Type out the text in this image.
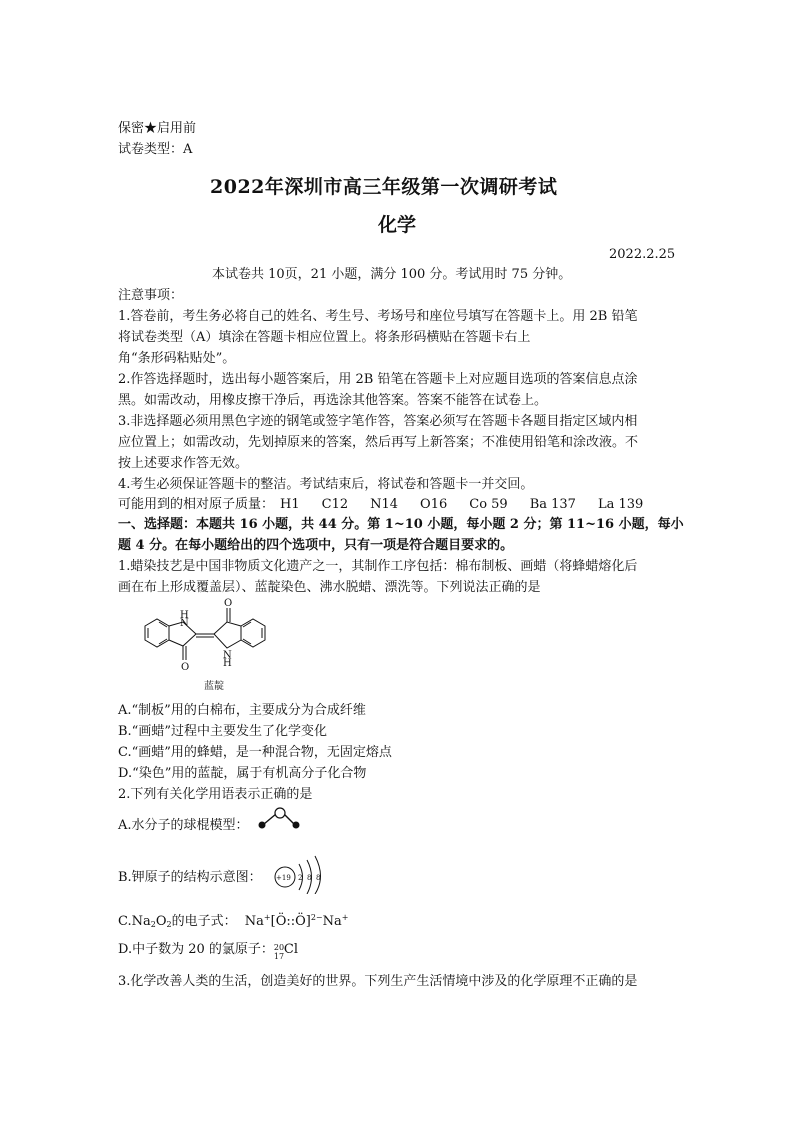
保密★启用前
试卷类型：A
2022年深圳市高三年级第一次调研考试
化学
2022.2.25
本试卷共 10页，21 小题，满分 100 分。考试用时 75 分钟。
注意事项：
1.答卷前，考生务必将自己的姓名、考生号、考场号和座位号填写在答题卡上。用 2B 铅笔
将试卷类型（A）填涂在答题卡相应位置上。将条形码横贴在答题卡右上
角“条形码粘贴处”。
2.作答选择题时，选出每小题答案后，用 2B 铅笔在答题卡上对应题目选项的答案信息点涂
黑。如需改动，用橡皮擦干净后，再选涂其他答案。答案不能答在试卷上。
3.非选择题必须用黑色字迹的钢笔或签字笔作答，答案必须写在答题卡各题目指定区域内相
应位置上；如需改动，先划掉原来的答案，然后再写上新答案；不准使用铅笔和涂改液。不
按上述要求作答无效。
4.考生必须保证答题卡的整洁。考试结束后，将试卷和答题卡一并交回。
可能用到的相对原子质量： H1 C12 N14 O16 Co 59 Ba 137 La 139
一、选择题：本题共 16 小题，共 44 分。第 1~10 小题，每小题 2 分；第 11~16 小题，每小
题 4 分。在每小题给出的四个选项中，只有一项是符合题目要求的。
1.蜡染技艺是中国非物质文化遗产之一，其制作工序包括：棉布制板、画蜡（将蜂蜡熔化后
画在布上形成覆盖层）、蓝靛染色、沸水脱蜡、漂洗等。下列说法正确的是
H
N
O
O
N
H
蓝靛
A.“制板”用的白棉布，主要成分为合成纤维
B.“画蜡”过程中主要发生了化学变化
C.“画蜡”用的蜂蜡，是一种混合物，无固定熔点
D.“染色”用的蓝靛，属于有机高分子化合物
2.下列有关化学用语表示正确的是
A.水分子的球棍模型：
B.钾原子的结构示意图： +19 2 8 8
$C.Na_2O_2$的电子式： Na+[Ö::Ö]$^{2-}$Na+
D.中子数为 20 的氯原子： 20
17 Cl
3.化学改善人类的生活，创造美好的世界。下列生产生活情境中涉及的化学原理不正确的是
